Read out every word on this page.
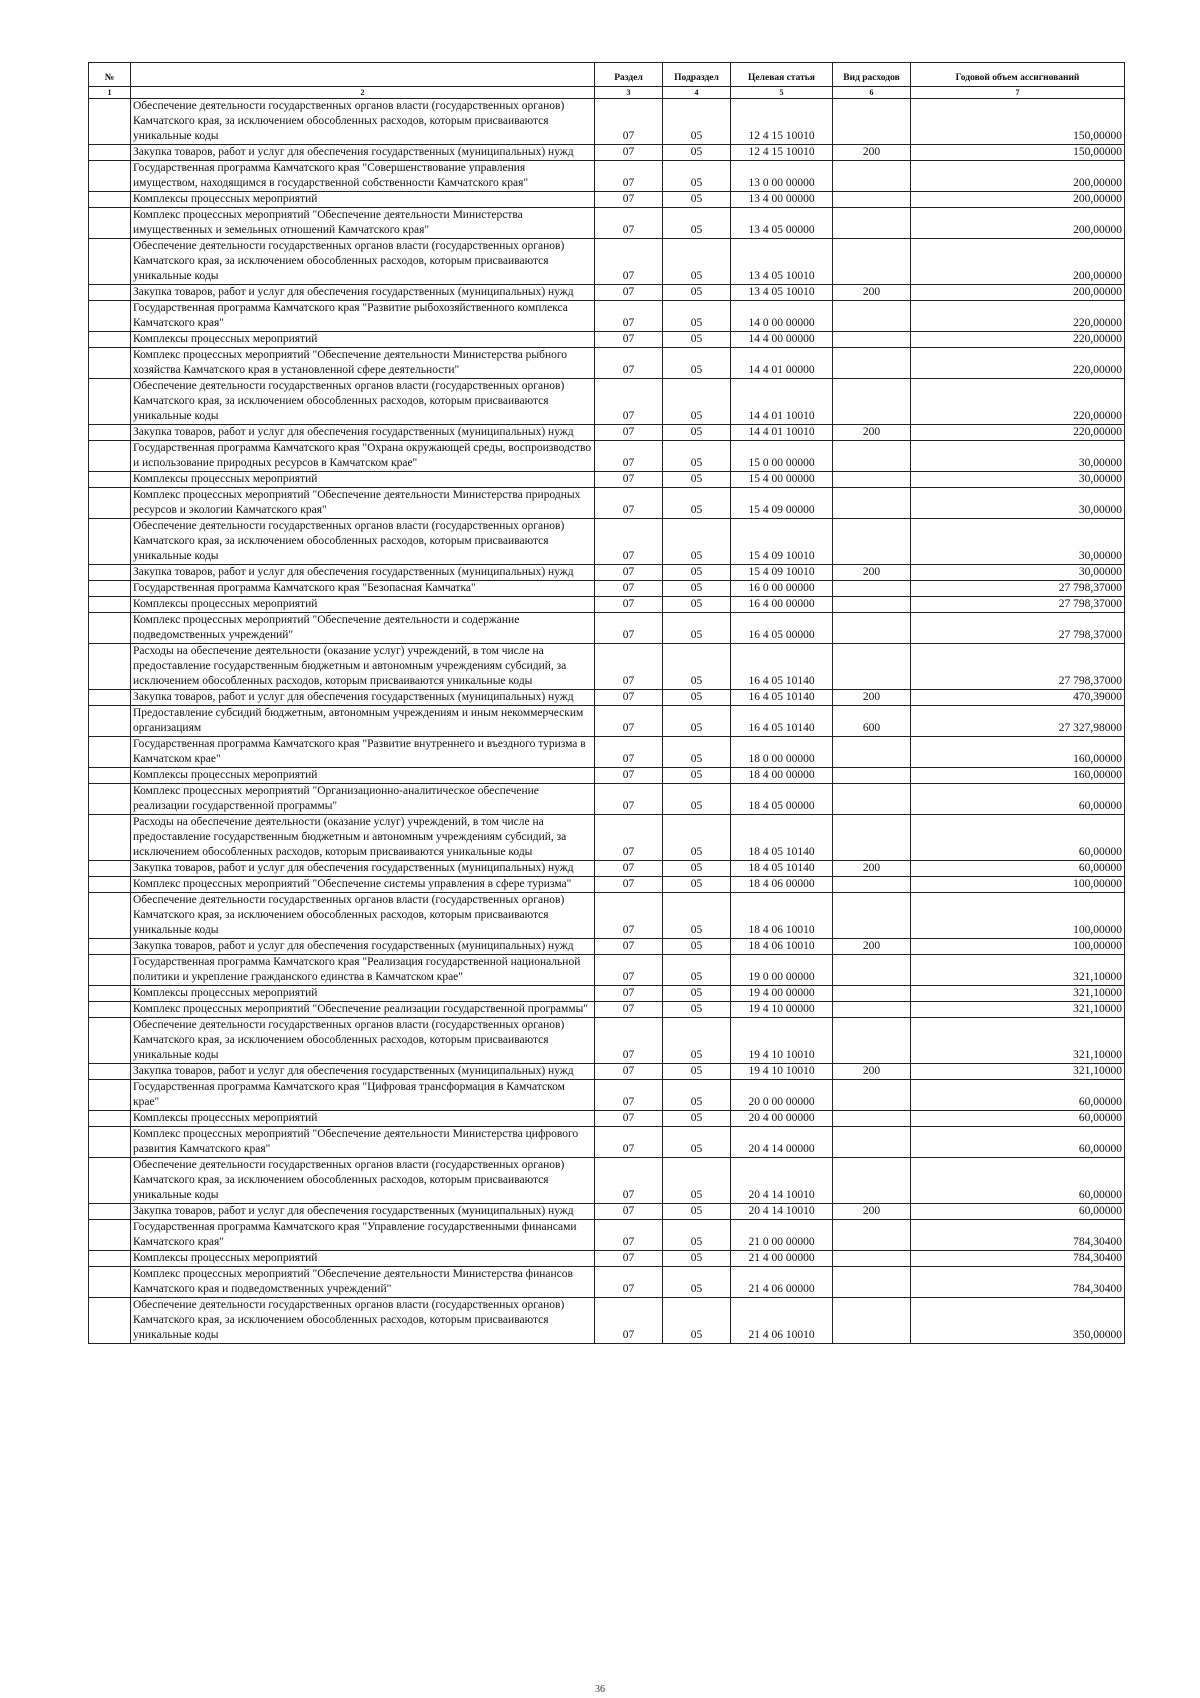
№		Раздел	Подраздел	Целевая статья	Вид расходов	Годовой объем ассигнований
1	2	3	4	5	6	7
	Обеспечение деятельности государственных органов власти (государственных органов) Камчатского края, за исключением обособленных расходов, которым присваиваются уникальные коды	07	05	12 4 15 10010		150,00000
	Закупка товаров, работ и услуг для обеспечения государственных (муниципальных) нужд	07	05	12 4 15 10010	200	150,00000
	Государственная программа Камчатского края "Совершенствование управления имуществом, находящимся в государственной собственности Камчатского края"	07	05	13 0 00 00000		200,00000
	Комплексы процессных мероприятий	07	05	13 4 00 00000		200,00000
	Комплекс процессных мероприятий "Обеспечение деятельности Министерства имущественных и земельных отношений Камчатского края"	07	05	13 4 05 00000		200,00000
	Обеспечение деятельности государственных органов власти (государственных органов) Камчатского края, за исключением обособленных расходов, которым присваиваются уникальные коды	07	05	13 4 05 10010		200,00000
	Закупка товаров, работ и услуг для обеспечения государственных (муниципальных) нужд	07	05	13 4 05 10010	200	200,00000
	Государственная программа Камчатского края "Развитие рыбохозяйственного комплекса Камчатского края"	07	05	14 0 00 00000		220,00000
	Комплексы процессных мероприятий	07	05	14 4 00 00000		220,00000
	Комплекс процессных мероприятий "Обеспечение деятельности Министерства рыбного хозяйства Камчатского края в установленной сфере деятельности"	07	05	14 4 01 00000		220,00000
	Обеспечение деятельности государственных органов власти (государственных органов) Камчатского края, за исключением обособленных расходов, которым присваиваются уникальные коды	07	05	14 4 01 10010		220,00000
	Закупка товаров, работ и услуг для обеспечения государственных (муниципальных) нужд	07	05	14 4 01 10010	200	220,00000
	Государственная программа Камчатского края "Охрана окружающей среды, воспроизводство и использование природных ресурсов в Камчатском крае"	07	05	15 0 00 00000		30,00000
	Комплексы процессных мероприятий	07	05	15 4 00 00000		30,00000
	Комплекс процессных мероприятий "Обеспечение деятельности Министерства природных ресурсов и экологии Камчатского края"	07	05	15 4 09 00000		30,00000
	Обеспечение деятельности государственных органов власти (государственных органов) Камчатского края, за исключением обособленных расходов, которым присваиваются уникальные коды	07	05	15 4 09 10010		30,00000
	Закупка товаров, работ и услуг для обеспечения государственных (муниципальных) нужд	07	05	15 4 09 10010	200	30,00000
	Государственная программа Камчатского края "Безопасная Камчатка"	07	05	16 0 00 00000		27 798,37000
	Комплексы процессных мероприятий	07	05	16 4 00 00000		27 798,37000
	Комплекс процессных мероприятий "Обеспечение деятельности и содержание подведомственных учреждений"	07	05	16 4 05 00000		27 798,37000
	Расходы на обеспечение деятельности (оказание услуг) учреждений, в том числе на предоставление государственным бюджетным и автономным учреждениям субсидий, за исключением обособленных расходов, которым присваиваются уникальные коды	07	05	16 4 05 10140		27 798,37000
	Закупка товаров, работ и услуг для обеспечения государственных (муниципальных) нужд	07	05	16 4 05 10140	200	470,39000
	Предоставление субсидий бюджетным, автономным учреждениям и иным некоммерческим организациям	07	05	16 4 05 10140	600	27 327,98000
	Государственная программа Камчатского края "Развитие внутреннего и въездного туризма в Камчатском крае"	07	05	18 0 00 00000		160,00000
	Комплексы процессных мероприятий	07	05	18 4 00 00000		160,00000
	Комплекс процессных мероприятий "Организационно-аналитическое обеспечение реализации государственной программы"	07	05	18 4 05 00000		60,00000
	Расходы на обеспечение деятельности (оказание услуг) учреждений, в том числе на предоставление государственным бюджетным и автономным учреждениям субсидий, за исключением обособленных расходов, которым присваиваются уникальные коды	07	05	18 4 05 10140		60,00000
	Закупка товаров, работ и услуг для обеспечения государственных (муниципальных) нужд	07	05	18 4 05 10140	200	60,00000
	Комплекс процессных мероприятий "Обеспечение системы управления в сфере туризма"	07	05	18 4 06 00000		100,00000
	Обеспечение деятельности государственных органов власти (государственных органов) Камчатского края, за исключением обособленных расходов, которым присваиваются уникальные коды	07	05	18 4 06 10010		100,00000
	Закупка товаров, работ и услуг для обеспечения государственных (муниципальных) нужд	07	05	18 4 06 10010	200	100,00000
	Государственная программа Камчатского края "Реализация государственной национальной политики и укрепление гражданского единства в Камчатском крае"	07	05	19 0 00 00000		321,10000
	Комплексы процессных мероприятий	07	05	19 4 00 00000		321,10000
	Комплекс процессных мероприятий "Обеспечение реализации государственной программы"	07	05	19 4 10 00000		321,10000
	Обеспечение деятельности государственных органов власти (государственных органов) Камчатского края, за исключением обособленных расходов, которым присваиваются уникальные коды	07	05	19 4 10 10010		321,10000
	Закупка товаров, работ и услуг для обеспечения государственных (муниципальных) нужд	07	05	19 4 10 10010	200	321,10000
	Государственная программа Камчатского края "Цифровая трансформация в Камчатском крае"	07	05	20 0 00 00000		60,00000
	Комплексы процессных мероприятий	07	05	20 4 00 00000		60,00000
	Комплекс процессных мероприятий "Обеспечение деятельности Министерства цифрового развития Камчатского края"	07	05	20 4 14 00000		60,00000
	Обеспечение деятельности государственных органов власти (государственных органов) Камчатского края, за исключением обособленных расходов, которым присваиваются уникальные коды	07	05	20 4 14 10010		60,00000
	Закупка товаров, работ и услуг для обеспечения государственных (муниципальных) нужд	07	05	20 4 14 10010	200	60,00000
	Государственная программа Камчатского края "Управление государственными финансами Камчатского края"	07	05	21 0 00 00000		784,30400
	Комплексы процессных мероприятий	07	05	21 4 00 00000		784,30400
	Комплекс процессных мероприятий "Обеспечение деятельности Министерства финансов Камчатского края и подведомственных учреждений"	07	05	21 4 06 00000		784,30400
	Обеспечение деятельности государственных органов власти (государственных органов) Камчатского края, за исключением обособленных расходов, которым присваиваются уникальные коды	07	05	21 4 06 10010		350,00000
36
